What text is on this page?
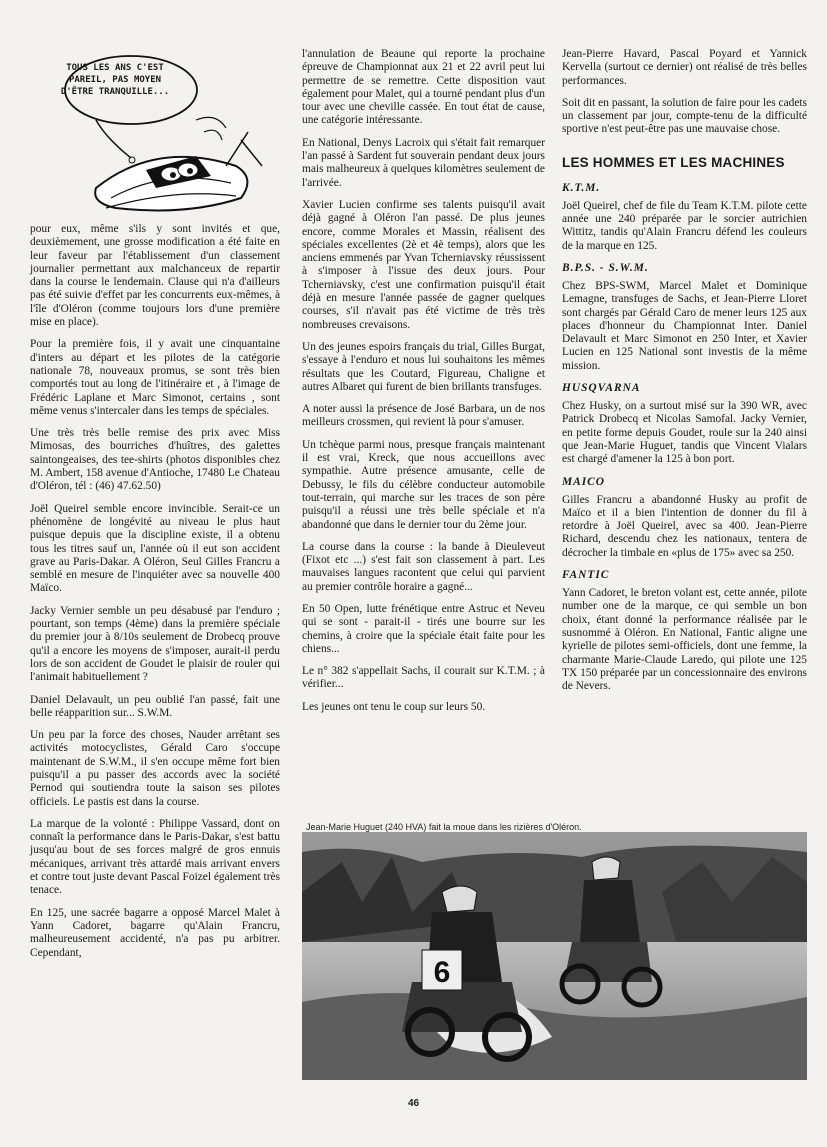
TOUS LES ANS C'EST PAREIL, PAS MOYEN D'ÊTRE TRANQUILLE...

pour eux, même s'ils y sont invités et que, deuxièmement, une grosse modification a été faite en leur faveur par l'établissement d'un classement journalier permettant aux malchanceux de repartir dans la course le lendemain. Clause qui n'a d'ailleurs pas été suivie d'effet par les concurrents eux-mêmes, à l'île d'Oléron (comme toujours lors d'une première mise en place).

Pour la première fois, il y avait une cinquantaine d'inters au départ et les pilotes de la catégorie nationale 78, nouveaux promus, se sont très bien comportés tout au long de l'itinéraire et , à l'image de Frédéric Laplane et Marc Simonot, certains , sont même venus s'intercaler dans les temps de spéciales.

Une très très belle remise des prix avec Miss Mimosas, des bourriches d'huîtres, des galettes saintongeaises, des tee-shirts (photos disponibles chez M. Ambert, 158 avenue d'Antioche, 17480 Le Chateau d'Oléron, tél : (46) 47.62.50)

Joël Queirel semble encore invincible. Serait-ce un phénomène de longévité au niveau le plus haut puisque depuis que la discipline existe, il a obtenu tous les titres sauf un, l'année où il eut son accident grave au Paris-Dakar. A Oléron, Seul Gilles Francru a semblé en mesure de l'inquiéter avec sa nouvelle 400 Maïco.

Jacky Vernier semble un peu désabusé par l'enduro ; pourtant, son temps (4ème) dans la première spéciale du premier jour à 8/10s seulement de Drobecq prouve qu'il a encore les moyens de s'imposer, aurait-il perdu lors de son accident de Goudet le plaisir de rouler qui l'animait habituellement ?

Daniel Delavault, un peu oublié l'an passé, fait une belle réapparition sur... S.W.M.

Un peu par la force des choses, Nauder arrêtant ses activités motocyclistes, Gérald Caro s'occupe maintenant de S.W.M., il s'en occupe même fort bien puisqu'il a pu passer des accords avec la société Pernod qui soutiendra toute la saison ses pilotes officiels. Le pastis est dans la course.

La marque de la volonté : Philippe Vassard, dont on connaît la performance dans le Paris-Dakar, s'est battu jusqu'au bout de ses forces malgré de gros ennuis mécaniques, arrivant très attardé mais arrivant envers et contre tout juste devant Pascal Foizel également très tenace.

En 125, une sacrée bagarre a opposé Marcel Malet à Yann Cadoret, bagarre qu'Alain Francru, malheureusement accidenté, n'a pas pu arbitrer. Cependant,

l'annulation de Beaune qui reporte la prochaine épreuve de Championnat aux 21 et 22 avril peut lui permettre de se remettre. Cette disposition vaut également pour Malet, qui a tourné pendant plus d'un tour avec une cheville cassée. En tout état de cause, une catégorie intéressante.

En National, Denys Lacroix qui s'était fait remarquer l'an passé à Sardent fut souverain pendant deux jours mais malheureux à quelques kilomètres seulement de l'arrivée.

Xavier Lucien confirme ses talents puisqu'il avait déjà gagné à Oléron l'an passé. De plus jeunes encore, comme Morales et Massin, réalisent des spéciales excellentes (2è et 4è temps), alors que les anciens emmenés par Yvan Tcherniavsky réussissent à s'imposer à l'issue des deux jours. Pour Tcherniavsky, c'est une confirmation puisqu'il était déjà en mesure l'année passée de gagner quelques courses, s'il n'avait pas été victime de très très nombreuses crevaisons.

Un des jeunes espoirs français du trial, Gilles Burgat, s'essaye à l'enduro et nous lui souhaitons les mêmes résultats que les Coutard, Figureau, Chaligne et autres Albaret qui furent de bien brillants transfuges.

A noter aussi la présence de José Barbara, un de nos meilleurs crossmen, qui revient là pour s'amuser.

Un tchèque parmi nous, presque français maintenant il est vrai, Kreck, que nous accueillons avec sympathie. Autre présence amusante, celle de Debussy, le fils du célèbre conducteur automobile tout-terrain, qui marche sur les traces de son père puisqu'il a réussi une très belle spéciale et n'a abandonné que dans le dernier tour du 2ème jour.

La course dans la course : la bande à Dieuleveut (Fixot etc ...) s'est fait son classement à part. Les mauvaises langues racontent que celui qui parvient au premier contrôle horaire a gagné...

En 50 Open, lutte frénétique entre Astruc et Neveu qui se sont - parait-il - tirés une bourre sur les chemins, à croire que la spéciale était faite pour les chiens...

Le n° 382 s'appellait Sachs, il courait sur K.T.M. ; à vérifier...

Les jeunes ont tenu le coup sur leurs 50.

Jean-Pierre Havard, Pascal Poyard et Yannick Kervella (surtout ce dernier) ont réalisé de très belles performances.

Soit dit en passant, la solution de faire pour les cadets un classement par jour, compte-tenu de la difficulté sportive n'est peut-être pas une mauvaise chose.

LES HOMMES ET LES MACHINES
K.T.M.

Joël Queirel, chef de file du Team K.T.M. pilote cette année une 240 préparée par le sorcier autrichien Wittitz, tandis qu'Alain Francru défend les couleurs de la marque en 125.

B.P.S. - S.W.M.

Chez BPS-SWM, Marcel Malet et Dominique Lemagne, transfuges de Sachs, et Jean-Pierre Lloret sont chargés par Gérald Caro de mener leurs 125 aux places d'honneur du Championnat Inter. Daniel Delavault et Marc Simonot en 250 Inter, et Xavier Lucien en 125 National sont investis de la même mission.

HUSQVARNA

Chez Husky, on a surtout misé sur la 390 WR, avec Patrick Drobecq et Nicolas Samofal. Jacky Vernier, en petite forme depuis Goudet, roule sur la 240 ainsi que Jean-Marie Huguet, tandis que Vincent Vialars est chargé d'amener la 125 à bon port.

MAICO

Gilles Francru a abandonné Husky au profit de Maïco et il a bien l'intention de donner du fil à retordre à Joël Queirel, avec sa 400. Jean-Pierre Richard, descendu chez les nationaux, tentera de décrocher la timbale en «plus de 175» avec sa 250.

FANTIC

Yann Cadoret, le breton volant est, cette année, pilote number one de la marque, ce qui semble un bon choix, étant donné la performance réalisée par le susnommé à Oléron. En National, Fantic aligne une kyrielle de pilotes semi-officiels, dont une femme, la charmante Marie-Claude Laredo, qui pilote une 125 TX 150 préparée par un concessionnaire des environs de Nevers.

Jean-Marie Huguet (240 HVA) fait la moue dans les rizières d'Oléron.
6
46
